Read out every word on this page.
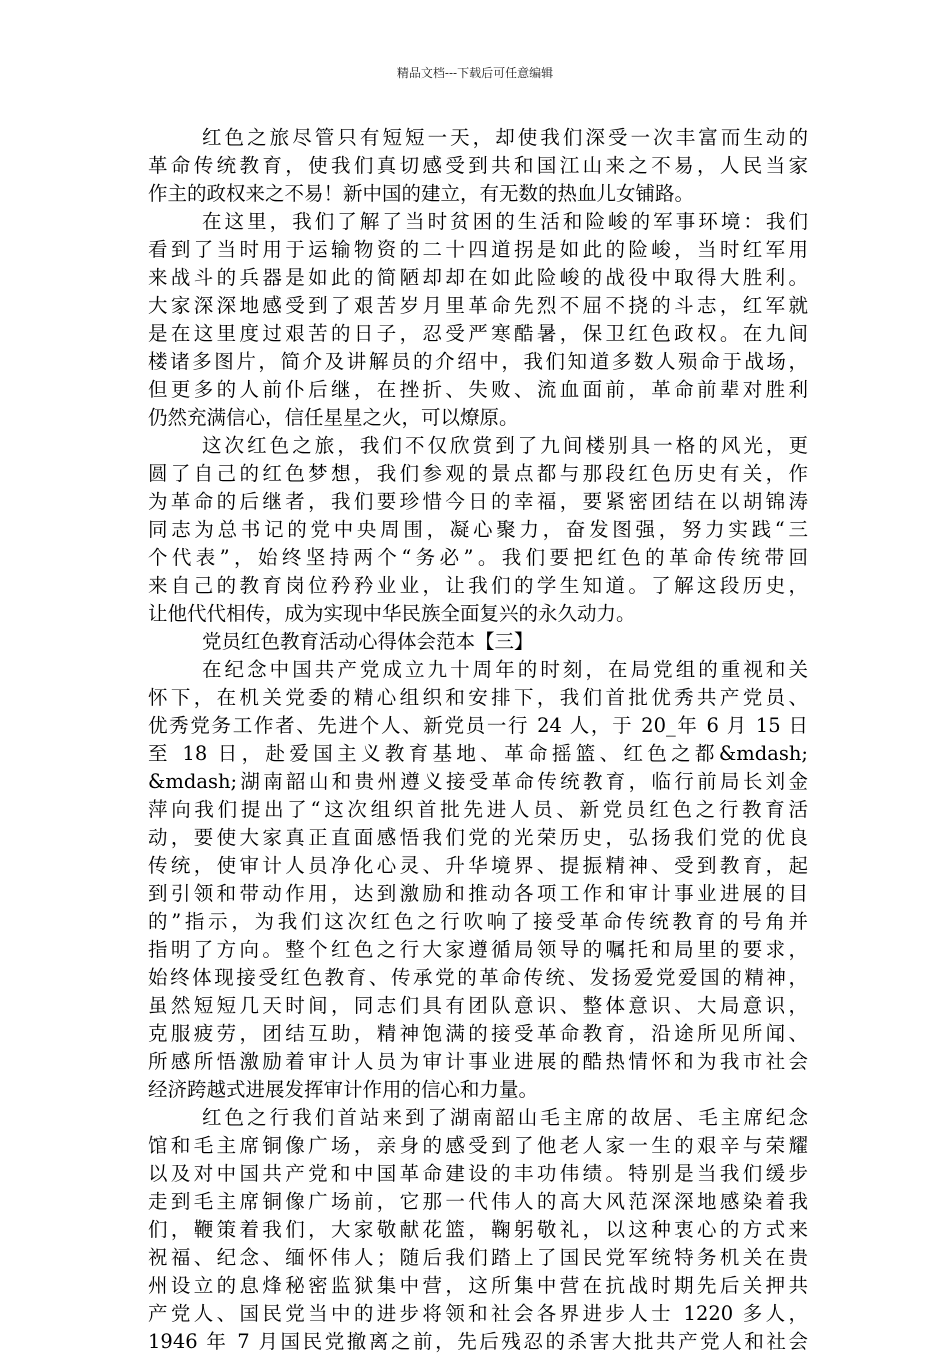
精品文档---下载后可任意编辑
红色之旅尽管只有短短一天，却使我们深受一次丰富而生动的
革命传统教育，使我们真切感受到共和国江山来之不易，人民当家
作主的政权来之不易！新中国的建立，有无数的热血儿女铺路。
在这里，我们了解了当时贫困的生活和险峻的军事环境：我们
看到了当时用于运输物资的二十四道拐是如此的险峻，当时红军用
来战斗的兵器是如此的简陋却却在如此险峻的战役中取得大胜利。
大家深深地感受到了艰苦岁月里革命先烈不屈不挠的斗志，红军就
是在这里度过艰苦的日子，忍受严寒酷暑，保卫红色政权。在九间
楼诸多图片，简介及讲解员的介绍中，我们知道多数人殒命于战场，
但更多的人前仆后继，在挫折、失败、流血面前，革命前辈对胜利
仍然充满信心，信任星星之火，可以燎原。
这次红色之旅，我们不仅欣赏到了九间楼别具一格的风光，更
圆了自己的红色梦想，我们参观的景点都与那段红色历史有关，作
为革命的后继者，我们要珍惜今日的幸福，要紧密团结在以胡锦涛
同志为总书记的党中央周围，凝心聚力，奋发图强，努力实践“三
个代表”，始终坚持两个“务必”。我们要把红色的革命传统带回
来自己的教育岗位矜矜业业，让我们的学生知道。了解这段历史，
让他代代相传，成为实现中华民族全面复兴的永久动力。
党员红色教育活动心得体会范本【三】
在纪念中国共产党成立九十周年的时刻，在局党组的重视和关
怀下，在机关党委的精心组织和安排下，我们首批优秀共产党员、
优秀党务工作者、先进个人、新党员一行 24 人，于 20_年 6 月 15 日
至 18 日，赴爱国主义教育基地、革命摇篮、红色之都&mdash;
&mdash;湖南韶山和贵州遵义接受革命传统教育，临行前局长刘金
萍向我们提出了“这次组织首批先进人员、新党员红色之行教育活
动，要使大家真正直面感悟我们党的光荣历史，弘扬我们党的优良
传统，使审计人员净化心灵、升华境界、提振精神、受到教育，起
到引领和带动作用，达到激励和推动各项工作和审计事业进展的目
的”指示，为我们这次红色之行吹响了接受革命传统教育的号角并
指明了方向。整个红色之行大家遵循局领导的嘱托和局里的要求，
始终体现接受红色教育、传承党的革命传统、发扬爱党爱国的精神，
虽然短短几天时间，同志们具有团队意识、整体意识、大局意识，
克服疲劳，团结互助，精神饱满的接受革命教育，沿途所见所闻、
所感所悟激励着审计人员为审计事业进展的酷热情怀和为我市社会
经济跨越式进展发挥审计作用的信心和力量。
红色之行我们首站来到了湖南韶山毛主席的故居、毛主席纪念
馆和毛主席铜像广场，亲身的感受到了他老人家一生的艰辛与荣耀
以及对中国共产党和中国革命建设的丰功伟绩。特别是当我们缓步
走到毛主席铜像广场前，它那一代伟人的高大风范深深地感染着我
们，鞭策着我们，大家敬献花篮，鞠躬敬礼，以这种衷心的方式来
祝福、纪念、缅怀伟人；随后我们踏上了国民党军统特务机关在贵
州设立的息烽秘密监狱集中营，这所集中营在抗战时期先后关押共
产党人、国民党当中的进步将领和社会各界进步人士 1220 多人，
1946 年 7 月国民党撤离之前，先后残忍的杀害大批共产党人和社会
